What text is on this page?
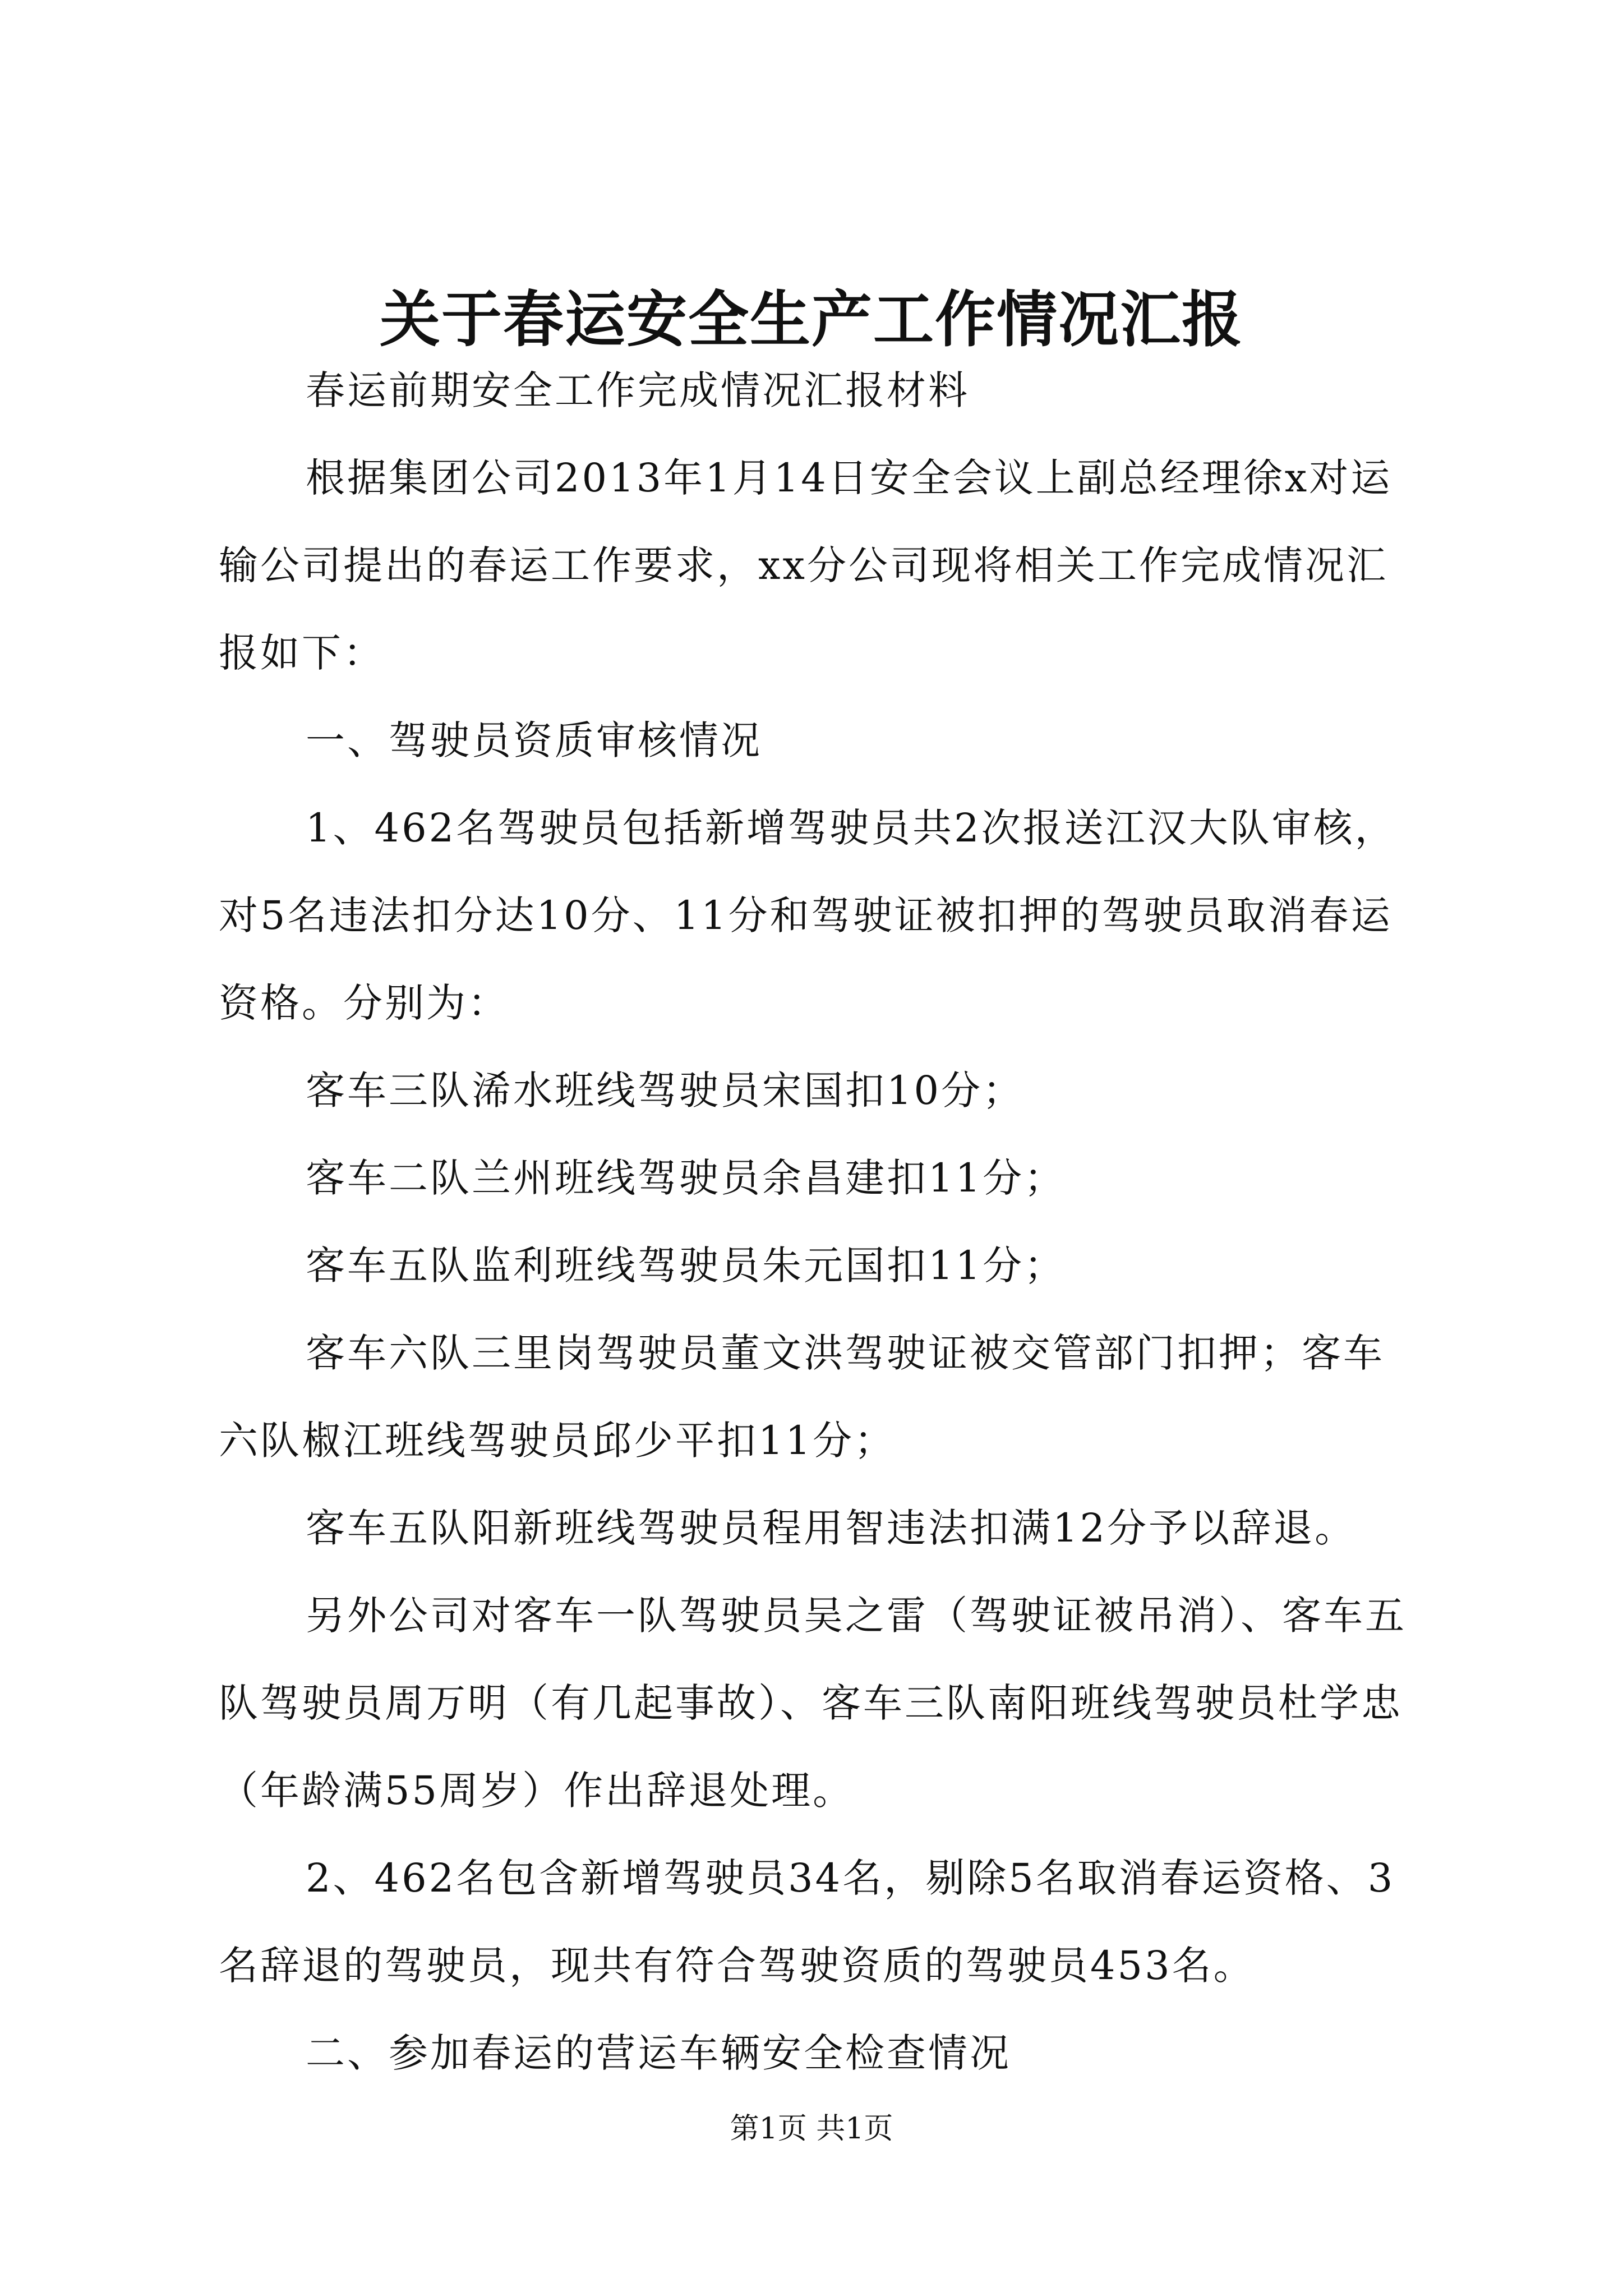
关于春运安全生产工作情况汇报

春运前期安全工作完成情况汇报材料

根据集团公司2013年1月14日安全会议上副总经理徐x对运输公司提出的春运工作要求，xx分公司现将相关工作完成情况汇报如下：

一、驾驶员资质审核情况

1、462名驾驶员包括新增驾驶员共2次报送江汉大队审核，对5名违法扣分达10分、11分和驾驶证被扣押的驾驶员取消春运资格。分别为：

客车三队浠水班线驾驶员宋国扣10分；

客车二队兰州班线驾驶员余昌建扣11分；

客车五队监利班线驾驶员朱元国扣11分；

客车六队三里岗驾驶员董文洪驾驶证被交管部门扣押；客车六队椒江班线驾驶员邱少平扣11分；

客车五队阳新班线驾驶员程用智违法扣满12分予以辞退。

另外公司对客车一队驾驶员吴之雷（驾驶证被吊消）、客车五队驾驶员周万明（有几起事故）、客车三队南阳班线驾驶员杜学忠（年龄满55周岁）作出辞退处理。

2、462名包含新增驾驶员34名，剔除5名取消春运资格、3名辞退的驾驶员，现共有符合驾驶资质的驾驶员453名。

二、参加春运的营运车辆安全检查情况

第1页 共1页
